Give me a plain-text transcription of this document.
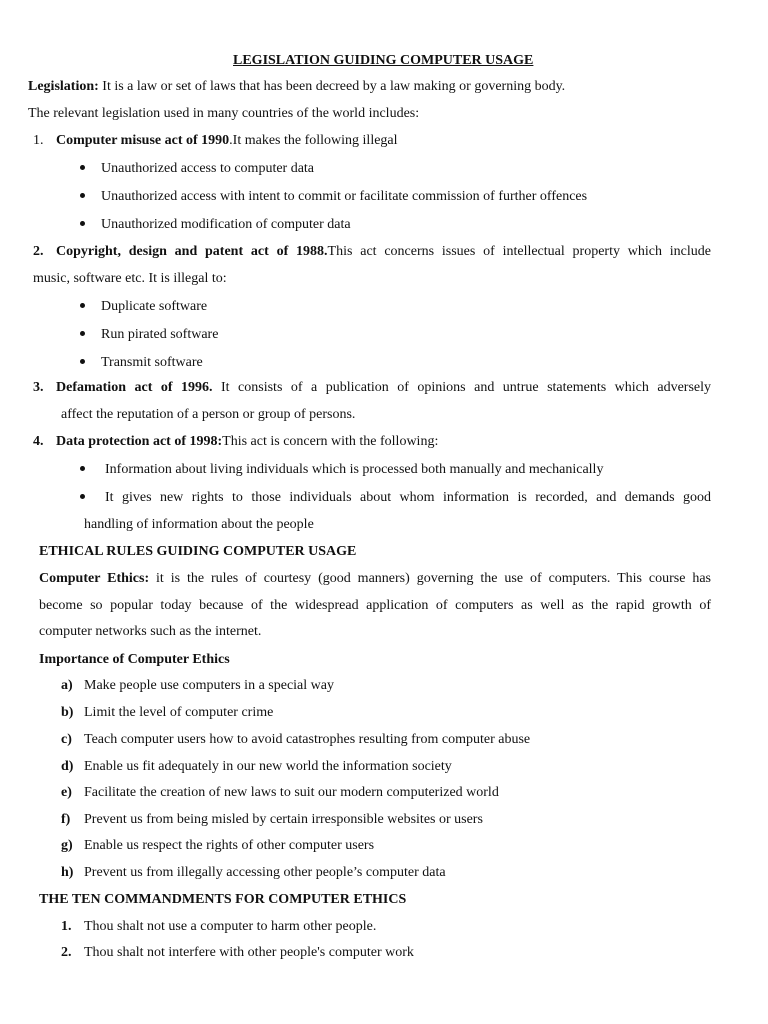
LEGISLATION GUIDING COMPUTER USAGE
Legislation: It is a law or set of laws that has been decreed by a law making or governing body.
The relevant legislation used in many countries of the world includes:
1. Computer misuse act of 1990.It makes the following illegal
Unauthorized access to computer data
Unauthorized access with intent to commit or facilitate commission of further offences
Unauthorized modification of computer data
2. Copyright, design and patent act of 1988.This act concerns issues of intellectual property which include
music, software etc. It is illegal to:
Duplicate software
Run pirated software
Transmit software
3. Defamation act of 1996. It consists of a publication of opinions and untrue statements which adversely
affect the reputation of a person or group of persons.
4. Data protection act of 1998:This act is concern with the following:
Information about living individuals which is processed both manually and mechanically
It gives new rights to those individuals about whom information is recorded, and demands good
handling of information about the people
ETHICAL RULES GUIDING COMPUTER USAGE
Computer Ethics: it is the rules of courtesy (good manners) governing the use of computers. This course has
become so popular today because of the widespread application of computers as well as the rapid growth of
computer networks such as the internet.
Importance of Computer Ethics
a) Make people use computers in a special way
b) Limit the level of computer crime
c) Teach computer users how to avoid catastrophes resulting from computer abuse
d) Enable us fit adequately in our new world the information society
e) Facilitate the creation of new laws to suit our modern computerized world
f) Prevent us from being misled by certain irresponsible websites or users
g) Enable us respect the rights of other computer users
h) Prevent us from illegally accessing other people’s computer data
THE TEN COMMANDMENTS FOR COMPUTER ETHICS
1. Thou shalt not use a computer to harm other people.
2. Thou shalt not interfere with other people's computer work
